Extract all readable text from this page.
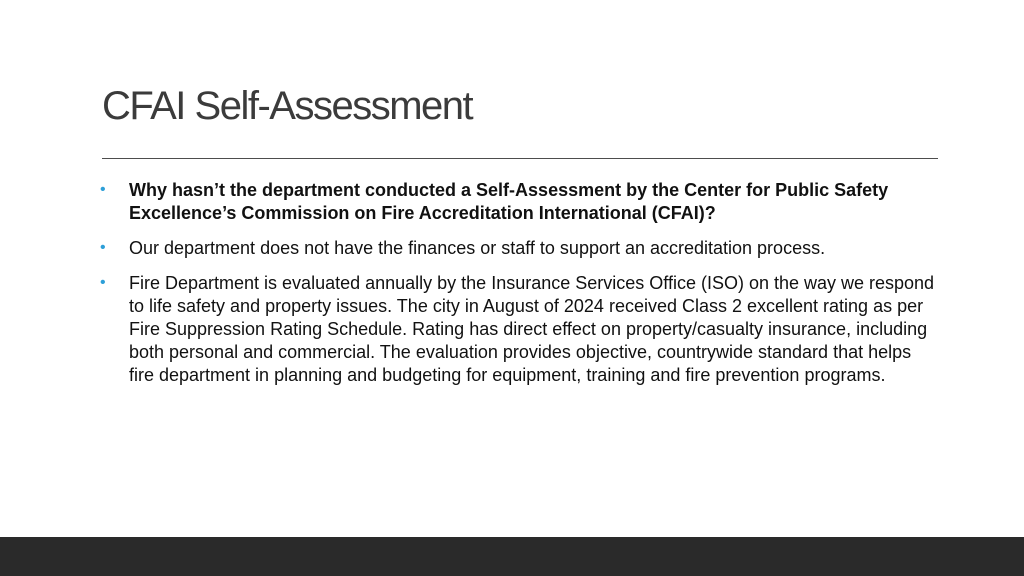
CFAI Self-Assessment
• Why hasn’t the department conducted a Self-Assessment by the Center for Public Safety Excellence’s Commission on Fire Accreditation International (CFAI)?
• Our department does not have the finances or staff to support an accreditation process.
• Fire Department is evaluated annually by the Insurance Services Office (ISO) on the way we respond to life safety and property issues. The city in August of 2024 received Class 2 excellent rating as per Fire Suppression Rating Schedule. Rating has direct effect on property/casualty insurance, including both personal and commercial. The evaluation provides objective, countrywide standard that helps fire department in planning and budgeting for equipment, training and fire prevention programs.
